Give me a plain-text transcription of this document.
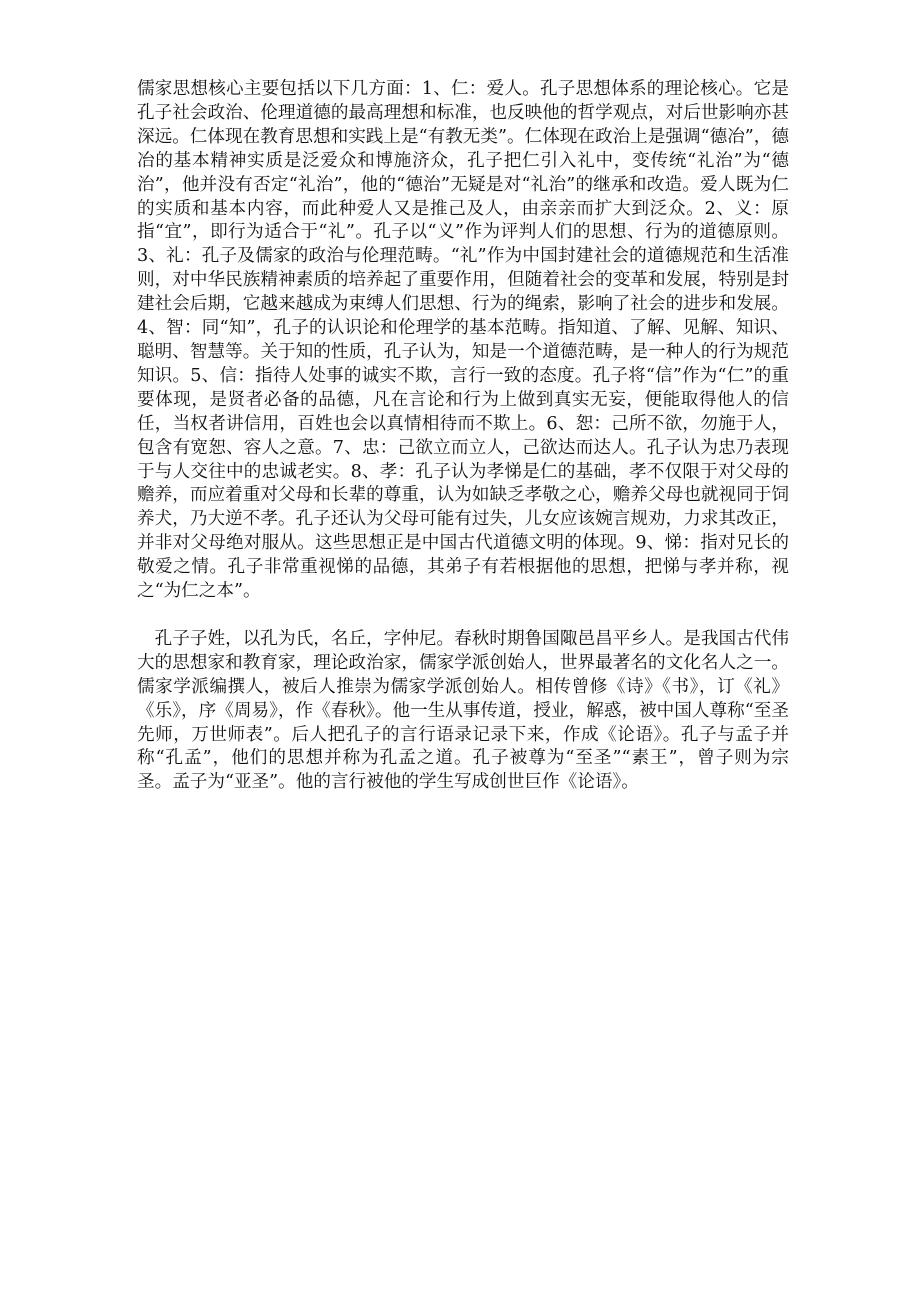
儒家思想核心主要包括以下几方面：1、仁：爱人。孔子思想体系的理论核心。它是孔子社会政治、伦理道德的最高理想和标准，也反映他的哲学观点，对后世影响亦甚深远。仁体现在教育思想和实践上是“有教无类”。仁体现在政治上是强调“德冶”，德冶的基本精神实质是泛爱众和博施济众，孔子把仁引入礼中，变传统“礼治”为“德治”，他并没有否定“礼治”，他的“德治”无疑是对“礼治”的继承和改造。爱人既为仁的实质和基本内容，而此种爱人又是推己及人，由亲亲而扩大到泛众。2、义：原指“宜”，即行为适合于“礼”。孔子以“义”作为评判人们的思想、行为的道德原则。3、礼：孔子及儒家的政治与伦理范畴。“礼”作为中国封建社会的道德规范和生活准则，对中华民族精神素质的培养起了重要作用，但随着社会的变革和发展，特别是封建社会后期，它越来越成为束缚人们思想、行为的绳索，影响了社会的进步和发展。4、智：同“知”，孔子的认识论和伦理学的基本范畴。指知道、了解、见解、知识、聪明、智慧等。关于知的性质，孔子认为，知是一个道德范畴，是一种人的行为规范知识。5、信：指待人处事的诚实不欺，言行一致的态度。孔子将“信”作为“仁”的重要体现，是贤者必备的品德，凡在言论和行为上做到真实无妄，便能取得他人的信任，当权者讲信用，百姓也会以真情相待而不欺上。6、恕：己所不欲，勿施于人，包含有宽恕、容人之意。7、忠：己欲立而立人，己欲达而达人。孔子认为忠乃表现于与人交往中的忠诚老实。8、孝：孔子认为孝悌是仁的基础，孝不仅限于对父母的赡养，而应着重对父母和长辈的尊重，认为如缺乏孝敬之心，赡养父母也就视同于饲养犬，乃大逆不孝。孔子还认为父母可能有过失，儿女应该婉言规劝，力求其改正，并非对父母绝对服从。这些思想正是中国古代道德文明的体现。9、悌：指对兄长的敬爱之情。孔子非常重视悌的品德，其弟子有若根据他的思想，把悌与孝并称，视之“为仁之本”。

孔子子姓，以孔为氏，名丘，字仲尼。春秋时期鲁国陬邑昌平乡人。是我国古代伟大的思想家和教育家，理论政治家，儒家学派创始人，世界最著名的文化名人之一。儒家学派编撰人，被后人推崇为儒家学派创始人。相传曾修《诗》《书》，订《礼》《乐》，序《周易》，作《春秋》。他一生从事传道，授业，解惑，被中国人尊称“至圣先师，万世师表”。后人把孔子的言行语录记录下来，作成《论语》。孔子与孟子并称“孔孟”，他们的思想并称为孔孟之道。孔子被尊为“至圣”“素王”，曾子则为宗圣。孟子为“亚圣”。他的言行被他的学生写成创世巨作《论语》。
